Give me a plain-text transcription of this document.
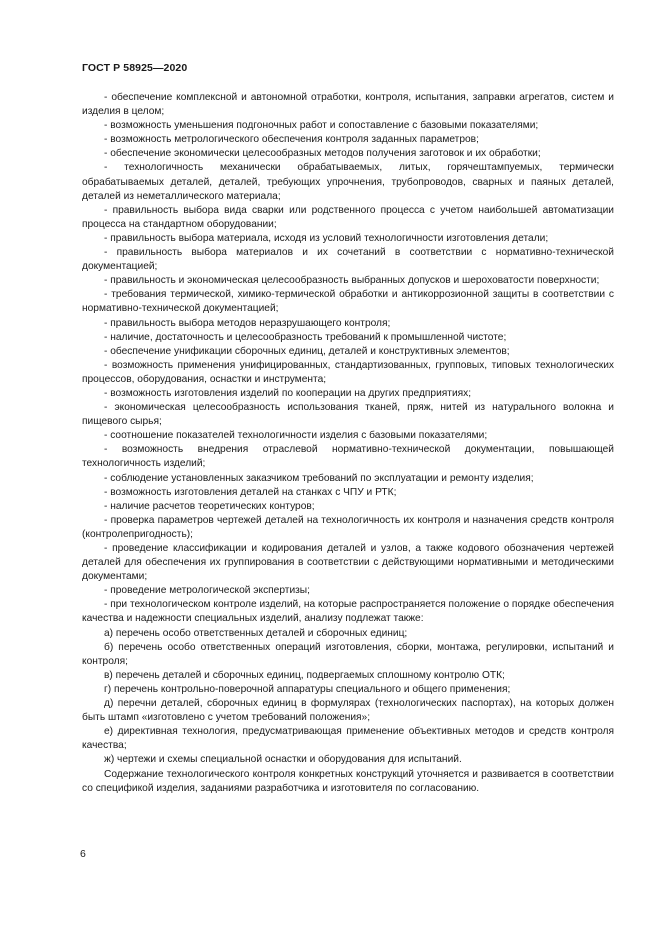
ГОСТ Р 58925—2020

- обеспечение комплексной и автономной отработки, контроля, испытания, заправки агрегатов, систем и изделия в целом;

- возможность уменьшения подгоночных работ и сопоставление с базовыми показателями;

- возможность метрологического обеспечения контроля заданных параметров;

- обеспечение экономически целесообразных методов получения заготовок и их обработки;

- технологичность механически обрабатываемых, литых, горячештампуемых, термически обрабатываемых деталей, деталей, требующих упрочнения, трубопроводов, сварных и паяных деталей, деталей из неметаллического материала;

- правильность выбора вида сварки или родственного процесса с учетом наибольшей автоматизации процесса на стандартном оборудовании;

- правильность выбора материала, исходя из условий технологичности изготовления детали;

- правильность выбора материалов и их сочетаний в соответствии с нормативно-технической документацией;

- правильность и экономическая целесообразность выбранных допусков и шероховатости поверхности;

- требования термической, химико-термической обработки и антикоррозионной защиты в соответствии с нормативно-технической документацией;

- правильность выбора методов неразрушающего контроля;

- наличие, достаточность и целесообразность требований к промышленной чистоте;

- обеспечение унификации сборочных единиц, деталей и конструктивных элементов;

- возможность применения унифицированных, стандартизованных, групповых, типовых технологических процессов, оборудования, оснастки и инструмента;

- возможность изготовления изделий по кооперации на других предприятиях;

- экономическая целесообразность использования тканей, пряж, нитей из натурального волокна и пищевого сырья;

- соотношение показателей технологичности изделия с базовыми показателями;

- возможность внедрения отраслевой нормативно-технической документации, повышающей технологичность изделий;

- соблюдение установленных заказчиком требований по эксплуатации и ремонту изделия;

- возможность изготовления деталей на станках с ЧПУ и РТК;

- наличие расчетов теоретических контуров;

- проверка параметров чертежей деталей на технологичность их контроля и назначения средств контроля (контролепригодность);

- проведение классификации и кодирования деталей и узлов, а также кодового обозначения чертежей деталей для обеспечения их группирования в соответствии с действующими нормативными и методическими документами;

- проведение метрологической экспертизы;

- при технологическом контроле изделий, на которые распространяется положение о порядке обеспечения качества и надежности специальных изделий, анализу подлежат также:

а) перечень особо ответственных деталей и сборочных единиц;

б) перечень особо ответственных операций изготовления, сборки, монтажа, регулировки, испытаний и контроля;

в) перечень деталей и сборочных единиц, подвергаемых сплошному контролю ОТК;

г) перечень контрольно-поверочной аппаратуры специального и общего применения;

д) перечни деталей, сборочных единиц в формулярах (технологических паспортах), на которых должен быть штамп «изготовлено с учетом требований положения»;

е) директивная технология, предусматривающая применение объективных методов и средств контроля качества;

ж) чертежи и схемы специальной оснастки и оборудования для испытаний.

Содержание технологического контроля конкретных конструкций уточняется и развивается в соответствии со спецификой изделия, заданиями разработчика и изготовителя по согласованию.

6
